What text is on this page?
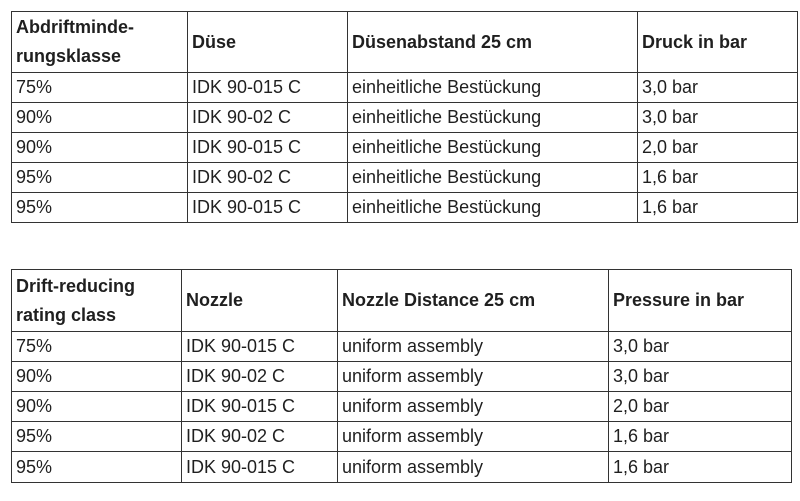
Abdriftminde-
rungsklasse	Düse	Düsenabstand 25 cm	Druck in bar
75%	IDK 90-015 C	einheitliche Bestückung	3,0 bar
90%	IDK 90-02 C	einheitliche Bestückung	3,0 bar
90%	IDK 90-015 C	einheitliche Bestückung	2,0 bar
95%	IDK 90-02 C	einheitliche Bestückung	1,6 bar
95%	IDK 90-015 C	einheitliche Bestückung	1,6 bar
Drift-reducing
rating class	Nozzle	Nozzle Distance 25 cm	Pressure in bar
75%	IDK 90-015 C	uniform assembly	3,0 bar
90%	IDK 90-02 C	uniform assembly	3,0 bar
90%	IDK 90-015 C	uniform assembly	2,0 bar
95%	IDK 90-02 C	uniform assembly	1,6 bar
95%	IDK 90-015 C	uniform assembly	1,6 bar
